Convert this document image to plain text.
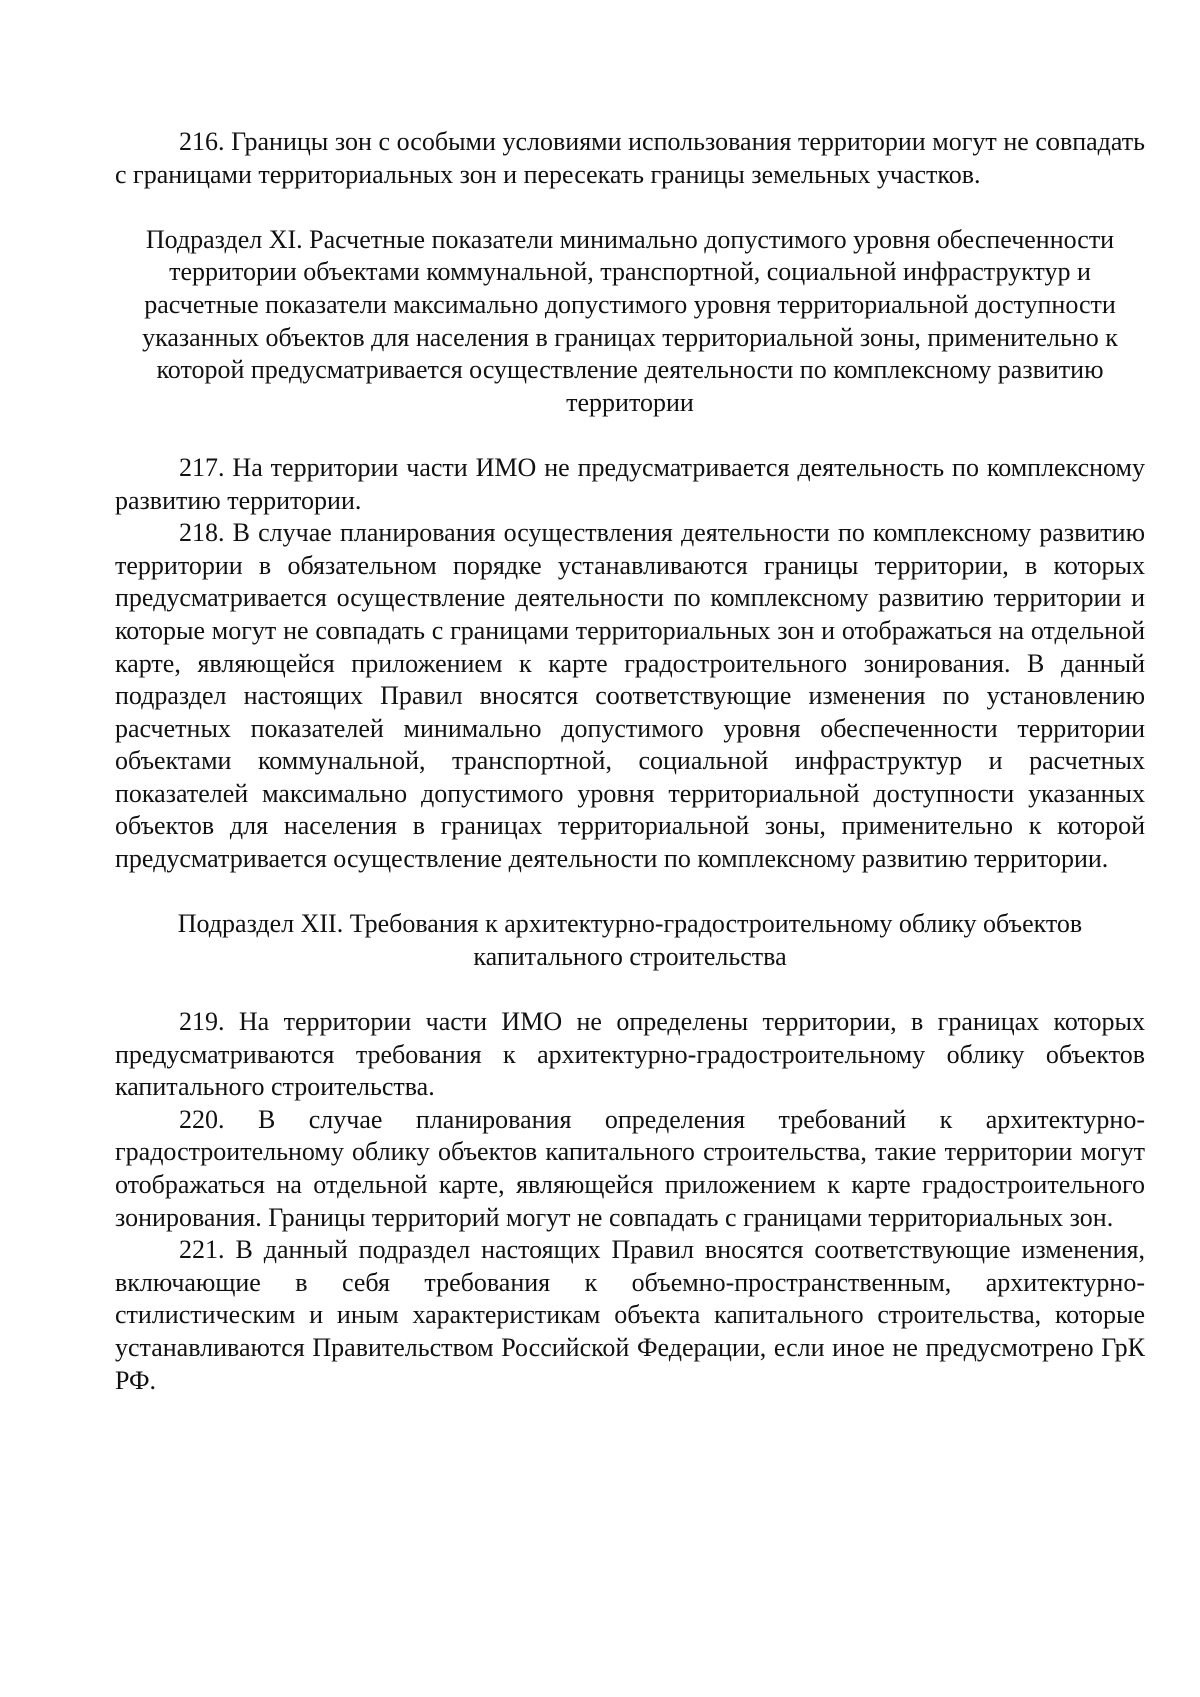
216. Границы зон с особыми условиями использования территории могут не совпадать с границами территориальных зон и пересекать границы земельных участков.

Подраздел XI. Расчетные показатели минимально допустимого уровня обеспеченности территории объектами коммунальной, транспортной, социальной инфраструктур и расчетные показатели максимально допустимого уровня территориальной доступности указанных объектов для населения в границах территориальной зоны, применительно к которой предусматривается осуществление деятельности по комплексному развитию территории

217. На территории части ИМО не предусматривается деятельность по комплексному развитию территории.

218. В случае планирования осуществления деятельности по комплексному развитию территории в обязательном порядке устанавливаются границы территории, в которых предусматривается осуществление деятельности по комплексному развитию территории и которые могут не совпадать с границами территориальных зон и отображаться на отдельной карте, являющейся приложением к карте градостроительного зонирования. В данный подраздел настоящих Правил вносятся соответствующие изменения по установлению расчетных показателей минимально допустимого уровня обеспеченности территории объектами коммунальной, транспортной, социальной инфраструктур и расчетных показателей максимально допустимого уровня территориальной доступности указанных объектов для населения в границах территориальной зоны, применительно к которой предусматривается осуществление деятельности по комплексному развитию территории.

Подраздел XII. Требования к архитектурно-градостроительному облику объектов капитального строительства

219. На территории части ИМО не определены территории, в границах которых предусматриваются требования к архитектурно-градостроительному облику объектов капитального строительства.

220. В случае планирования определения требований к архитектурно-градостроительному облику объектов капитального строительства, такие территории могут отображаться на отдельной карте, являющейся приложением к карте градостроительного зонирования. Границы территорий могут не совпадать с границами территориальных зон.

221. В данный подраздел настоящих Правил вносятся соответствующие изменения, включающие в себя требования к объемно-пространственным, архитектурно-стилистическим и иным характеристикам объекта капитального строительства, которые устанавливаются Правительством Российской Федерации, если иное не предусмотрено ГрК РФ.
